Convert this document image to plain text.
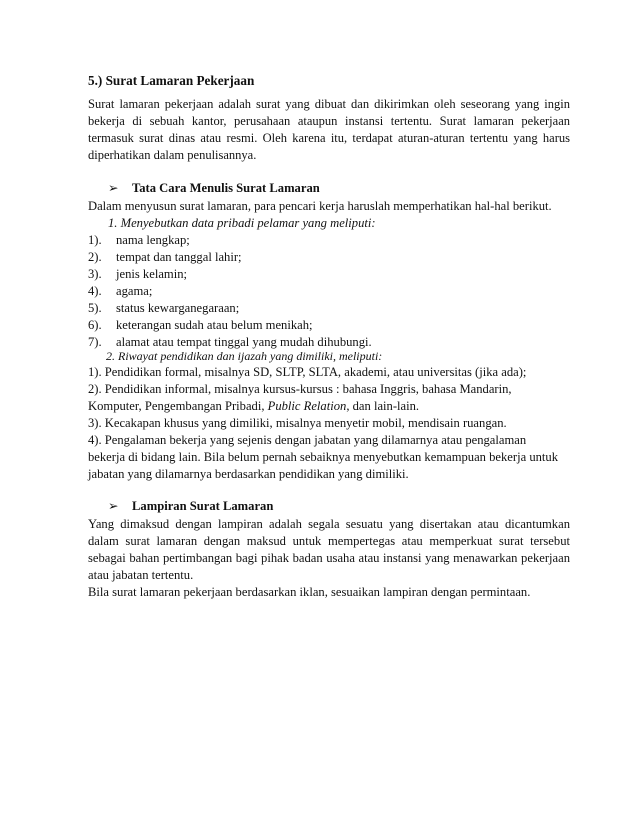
5.) Surat Lamaran Pekerjaan
Surat lamaran pekerjaan adalah surat yang dibuat dan dikirimkan oleh seseorang yang ingin bekerja di sebuah kantor, perusahaan ataupun instansi tertentu. Surat lamaran pekerjaan termasuk surat dinas atau resmi. Oleh karena itu, terdapat aturan-aturan tertentu yang harus diperhatikan dalam penulisannya.
➢ Tata Cara Menulis Surat Lamaran
Dalam menyusun surat lamaran, para pencari kerja haruslah memperhatikan hal-hal berikut.
1. Menyebutkan data pribadi pelamar yang meliputi:
1). nama lengkap;
2). tempat dan tanggal lahir;
3). jenis kelamin;
4). agama;
5). status kewarganegaraan;
6). keterangan sudah atau belum menikah;
7). alamat atau tempat tinggal yang mudah dihubungi.
2. Riwayat pendidikan dan ijazah yang dimiliki, meliputi:
1). Pendidikan formal, misalnya SD, SLTP, SLTA, akademi, atau universitas (jika ada);
2). Pendidikan informal, misalnya kursus-kursus : bahasa Inggris, bahasa Mandarin,
Komputer, Pengembangan Pribadi, Public Relation, dan lain-lain.
3). Kecakapan khusus yang dimiliki, misalnya menyetir mobil, mendisain ruangan.
4). Pengalaman bekerja yang sejenis dengan jabatan yang dilamarnya atau pengalaman
bekerja di bidang lain. Bila belum pernah sebaiknya menyebutkan kemampuan bekerja untuk
jabatan yang dilamarnya berdasarkan pendidikan yang dimiliki.
➢ Lampiran Surat Lamaran
Yang dimaksud dengan lampiran adalah segala sesuatu yang disertakan atau dicantumkan dalam surat lamaran dengan maksud untuk mempertegas atau memperkuat surat tersebut sebagai bahan pertimbangan bagi pihak badan usaha atau instansi yang menawarkan pekerjaan atau jabatan tertentu.
Bila surat lamaran pekerjaan berdasarkan iklan, sesuaikan lampiran dengan permintaan.
